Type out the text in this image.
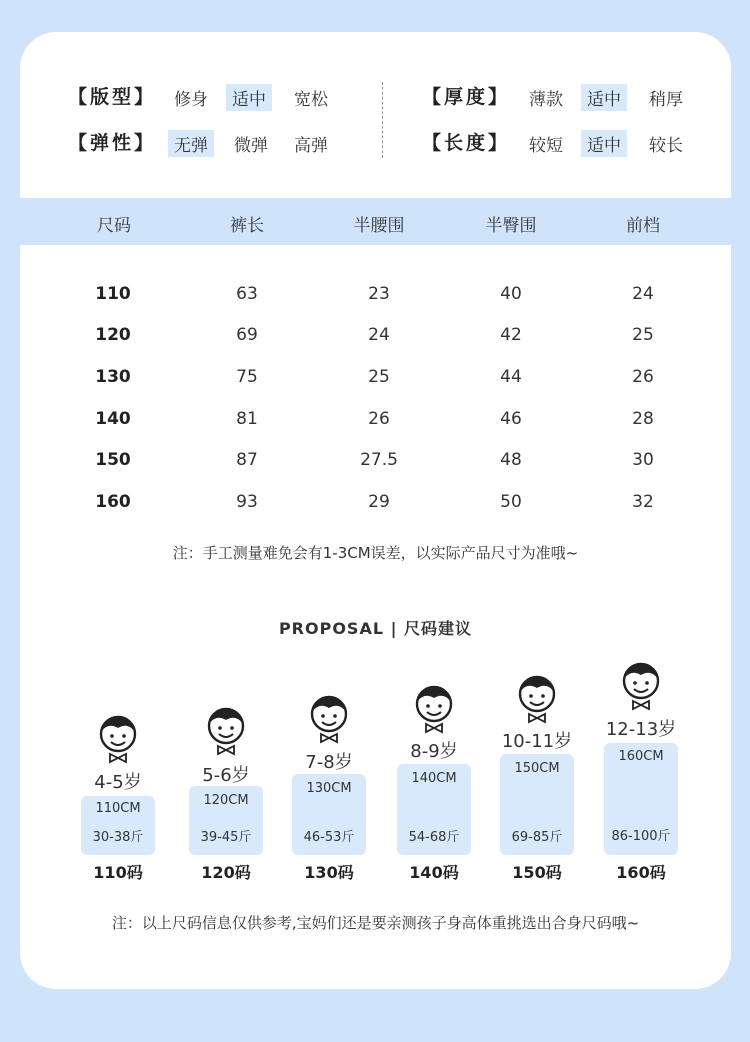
【版型】	修身	适中	宽松	【厚度】	薄款	适中	稍厚
【弹性】	无弹	微弹	高弹	【长度】	较短	适中	较长
尺码	裤长	半腰围	半臀围	前档
110	63	23	40	24
120	69	24	42	25
130	75	25	44	26
140	81	26	46	28
150	87	27.5	48	30
160	93	29	50	32
注：手工测量难免会有1-3CM误差，以实际产品尺寸为准哦~
PROPOSAL | 尺码建议
4-5岁
110CM
30-38斤
110码
5-6岁
120CM
39-45斤
120码
7-8岁
130CM
46-53斤
130码
8-9岁
140CM
54-68斤
140码
10-11岁
150CM
69-85斤
150码
12-13岁
160CM
86-100斤
160码
注：以上尺码信息仅供参考,宝妈们还是要亲测孩子身高体重挑选出合身尺码哦~
